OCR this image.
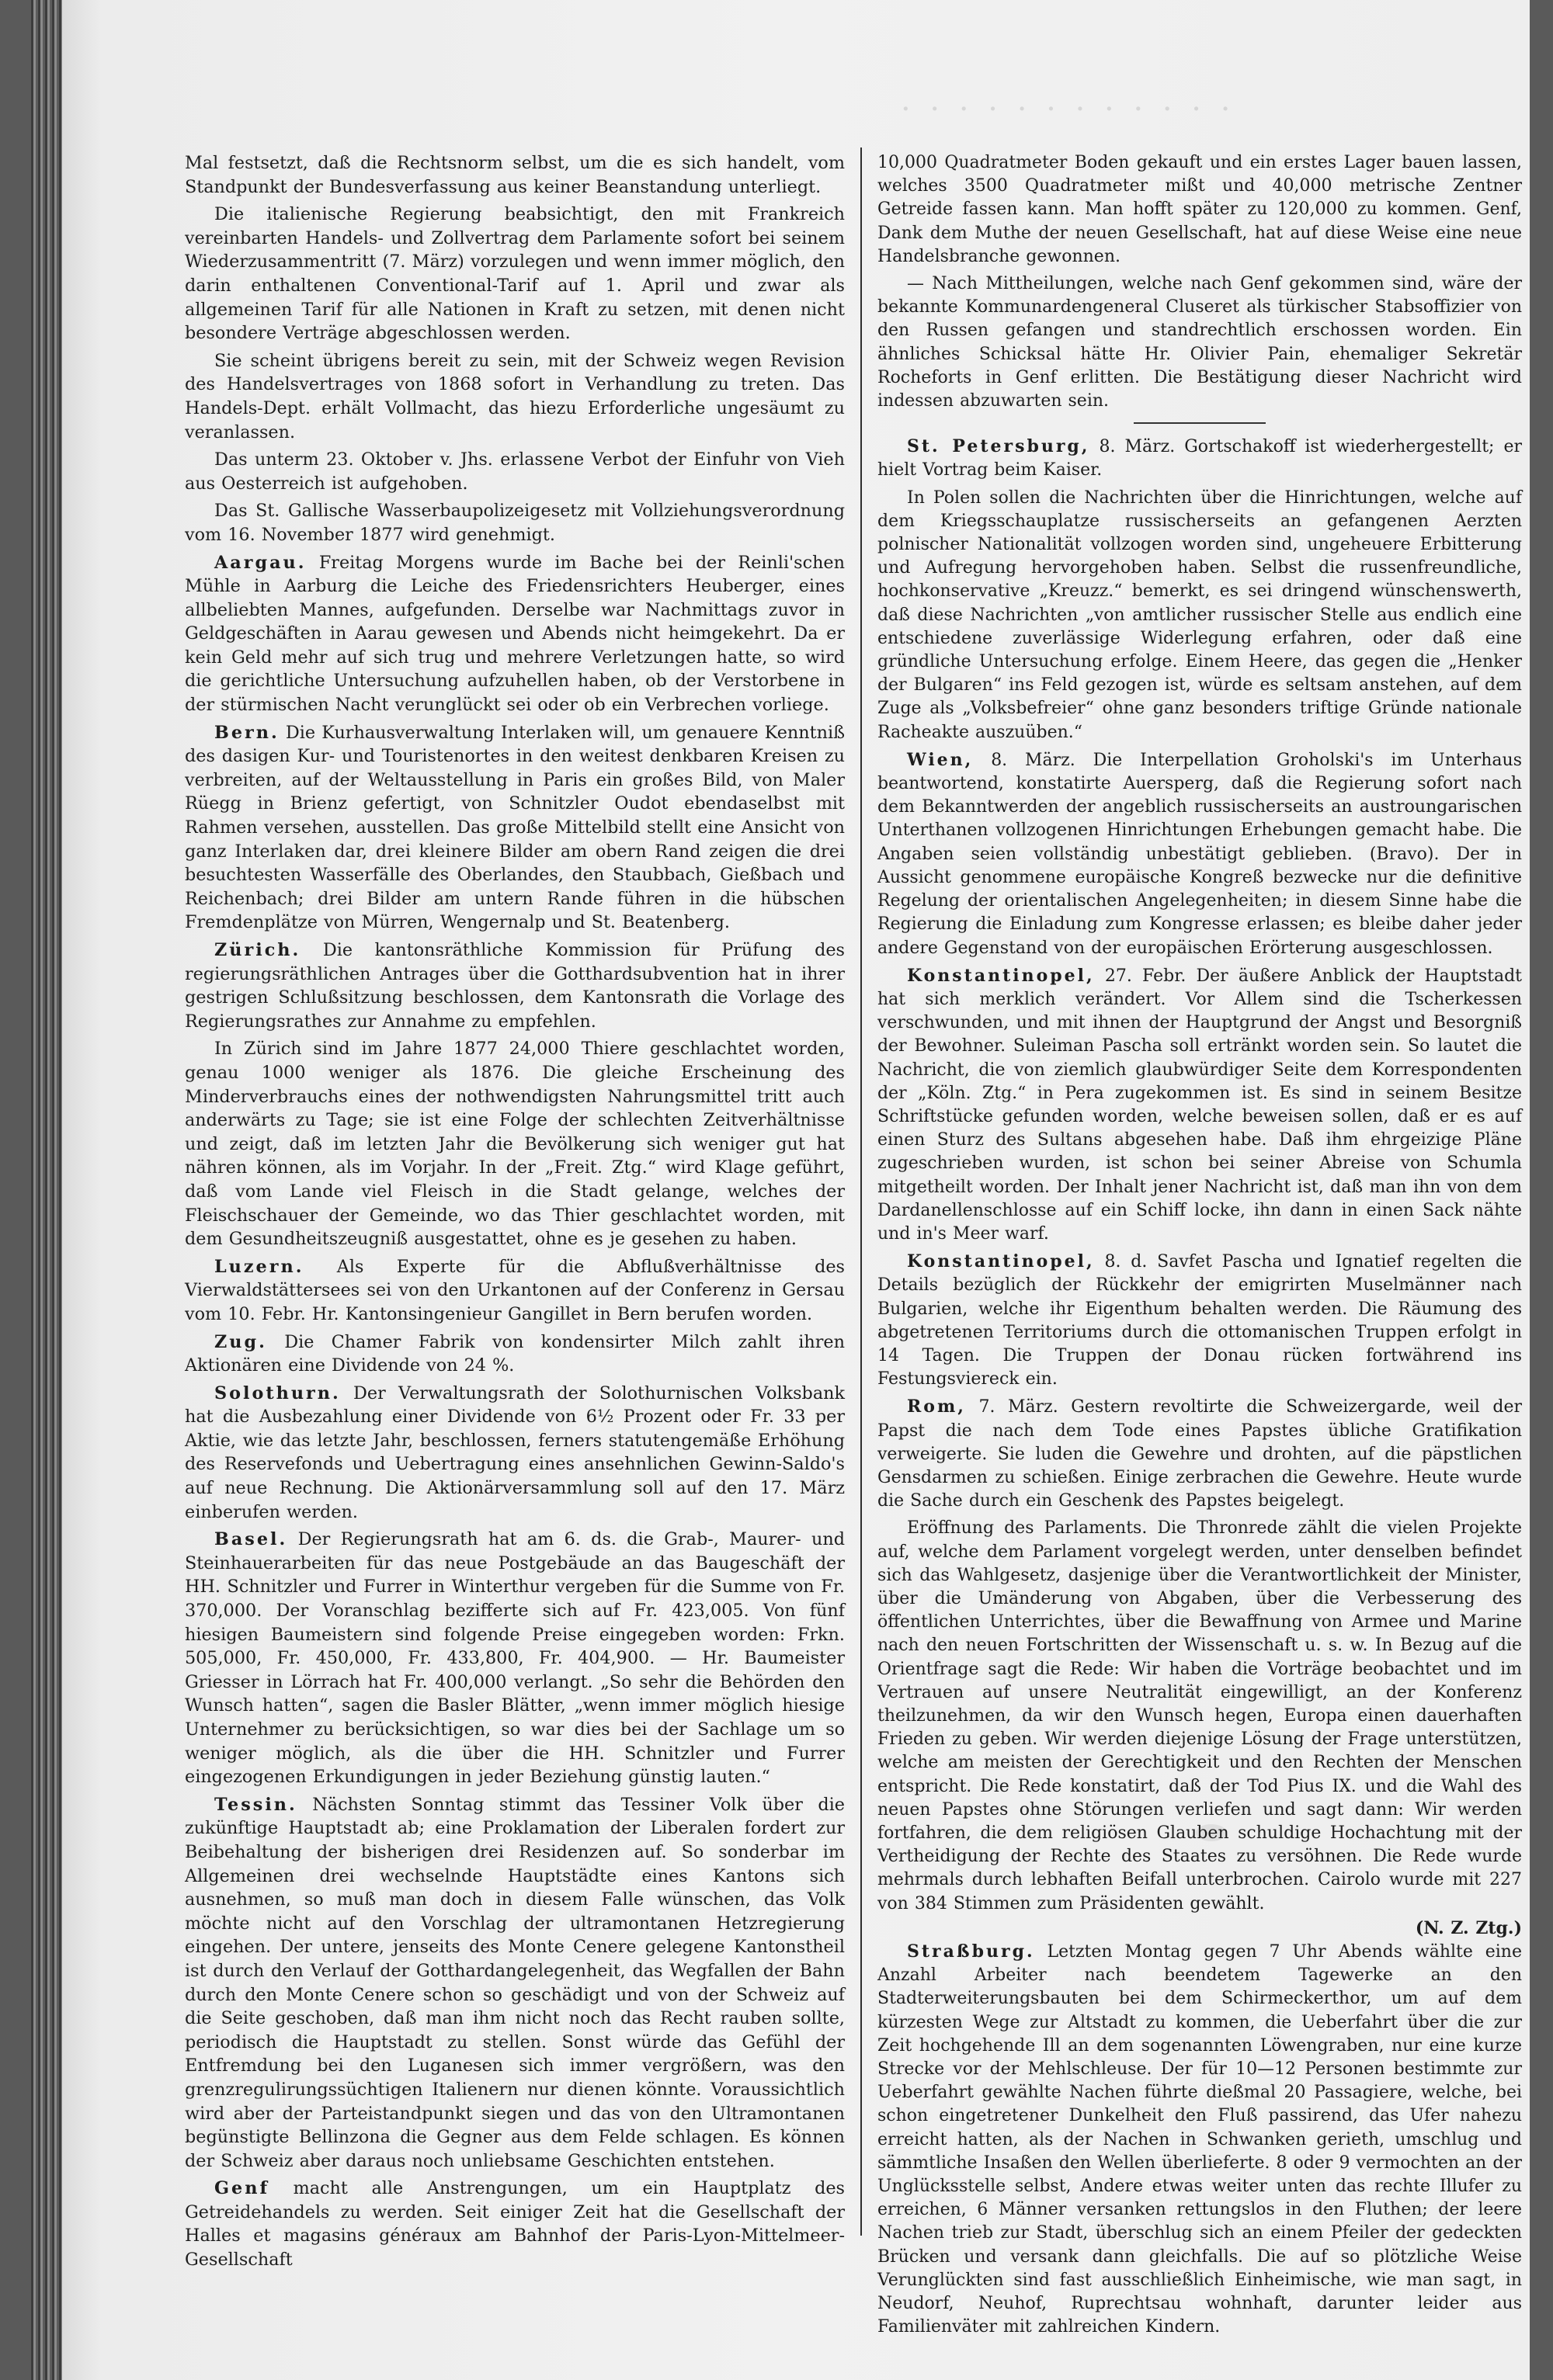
· · · · · · · · · · · ·

Mal festsetzt, daß die Rechtsnorm selbst, um die es sich handelt, vom Standpunkt der Bundesverfassung aus keiner Beanstandung unterliegt.

Die italienische Regierung beabsichtigt, den mit Frankreich vereinbarten Handels- und Zollvertrag dem Parlamente sofort bei seinem Wiederzusammentritt (7. März) vorzulegen und wenn immer möglich, den darin enthaltenen Conventional-Tarif auf 1. April und zwar als allgemeinen Tarif für alle Nationen in Kraft zu setzen, mit denen nicht besondere Verträge abgeschlossen werden.

Sie scheint übrigens bereit zu sein, mit der Schweiz wegen Revision des Handelsvertrages von 1868 sofort in Verhandlung zu treten. Das Handels-Dept. erhält Vollmacht, das hiezu Erforderliche ungesäumt zu veranlassen.

Das unterm 23. Oktober v. Jhs. erlassene Verbot der Einfuhr von Vieh aus Oesterreich ist aufgehoben.

Das St. Gallische Wasserbaupolizeigesetz mit Vollziehungsverordnung vom 16. November 1877 wird genehmigt.

Aargau. Freitag Morgens wurde im Bache bei der Reinli'schen Mühle in Aarburg die Leiche des Friedensrichters Heuberger, eines allbeliebten Mannes, aufgefunden. Derselbe war Nachmittags zuvor in Geldgeschäften in Aarau gewesen und Abends nicht heimgekehrt. Da er kein Geld mehr auf sich trug und mehrere Verletzungen hatte, so wird die gerichtliche Untersuchung aufzuhellen haben, ob der Verstorbene in der stürmischen Nacht verunglückt sei oder ob ein Verbrechen vorliege.

Bern. Die Kurhausverwaltung Interlaken will, um genauere Kenntniß des dasigen Kur- und Touristenortes in den weitest denkbaren Kreisen zu verbreiten, auf der Weltausstellung in Paris ein großes Bild, von Maler Rüegg in Brienz gefertigt, von Schnitzler Oudot ebendaselbst mit Rahmen versehen, ausstellen. Das große Mittelbild stellt eine Ansicht von ganz Interlaken dar, drei kleinere Bilder am obern Rand zeigen die drei besuchtesten Wasserfälle des Oberlandes, den Staubbach, Gießbach und Reichenbach; drei Bilder am untern Rande führen in die hübschen Fremdenplätze von Mürren, Wengernalp und St. Beatenberg.

Zürich. Die kantonsräthliche Kommission für Prüfung des regierungsräthlichen Antrages über die Gotthardsubvention hat in ihrer gestrigen Schlußsitzung beschlossen, dem Kantonsrath die Vorlage des Regierungsrathes zur Annahme zu empfehlen.

In Zürich sind im Jahre 1877 24,000 Thiere geschlachtet worden, genau 1000 weniger als 1876. Die gleiche Erscheinung des Minderverbrauchs eines der nothwendigsten Nahrungsmittel tritt auch anderwärts zu Tage; sie ist eine Folge der schlechten Zeitverhältnisse und zeigt, daß im letzten Jahr die Bevölkerung sich weniger gut hat nähren können, als im Vorjahr. In der „Freit. Ztg.“ wird Klage geführt, daß vom Lande viel Fleisch in die Stadt gelange, welches der Fleischschauer der Gemeinde, wo das Thier geschlachtet worden, mit dem Gesundheitszeugniß ausgestattet, ohne es je gesehen zu haben.

Luzern. Als Experte für die Abflußverhältnisse des Vierwaldstättersees sei von den Urkantonen auf der Conferenz in Gersau vom 10. Febr. Hr. Kantonsingenieur Gangillet in Bern berufen worden.

Zug. Die Chamer Fabrik von kondensirter Milch zahlt ihren Aktionären eine Dividende von 24 %.

Solothurn. Der Verwaltungsrath der Solothurnischen Volksbank hat die Ausbezahlung einer Dividende von 6½ Prozent oder Fr. 33 per Aktie, wie das letzte Jahr, beschlossen, ferners statutengemäße Erhöhung des Reservefonds und Uebertragung eines ansehnlichen Gewinn-Saldo's auf neue Rechnung. Die Aktionärversammlung soll auf den 17. März einberufen werden.

Basel. Der Regierungsrath hat am 6. ds. die Grab-, Maurer- und Steinhauerarbeiten für das neue Postgebäude an das Baugeschäft der HH. Schnitzler und Furrer in Winterthur vergeben für die Summe von Fr. 370,000. Der Voranschlag bezifferte sich auf Fr. 423,005. Von fünf hiesigen Baumeistern sind folgende Preise eingegeben worden: Frkn. 505,000, Fr. 450,000, Fr. 433,800, Fr. 404,900. — Hr. Baumeister Griesser in Lörrach hat Fr. 400,000 verlangt. „So sehr die Behörden den Wunsch hatten“, sagen die Basler Blätter, „wenn immer möglich hiesige Unternehmer zu berücksichtigen, so war dies bei der Sachlage um so weniger möglich, als die über die HH. Schnitzler und Furrer eingezogenen Erkundigungen in jeder Beziehung günstig lauten.“

Tessin. Nächsten Sonntag stimmt das Tessiner Volk über die zukünftige Hauptstadt ab; eine Proklamation der Liberalen fordert zur Beibehaltung der bisherigen drei Residenzen auf. So sonderbar im Allgemeinen drei wechselnde Hauptstädte eines Kantons sich ausnehmen, so muß man doch in diesem Falle wünschen, das Volk möchte nicht auf den Vorschlag der ultramontanen Hetzregierung eingehen. Der untere, jenseits des Monte Cenere gelegene Kantonstheil ist durch den Verlauf der Gotthardangelegenheit, das Wegfallen der Bahn durch den Monte Cenere schon so geschädigt und von der Schweiz auf die Seite geschoben, daß man ihm nicht noch das Recht rauben sollte, periodisch die Hauptstadt zu stellen. Sonst würde das Gefühl der Entfremdung bei den Luganesen sich immer vergrößern, was den grenzregulirungssüchtigen Italienern nur dienen könnte. Voraussichtlich wird aber der Parteistandpunkt siegen und das von den Ultramontanen begünstigte Bellinzona die Gegner aus dem Felde schlagen. Es können der Schweiz aber daraus noch unliebsame Geschichten entstehen.

Genf macht alle Anstrengungen, um ein Hauptplatz des Getreidehandels zu werden. Seit einiger Zeit hat die Gesellschaft der Halles et magasins généraux am Bahnhof der Paris-Lyon-Mittelmeer-Gesellschaft

10,000 Quadratmeter Boden gekauft und ein erstes Lager bauen lassen, welches 3500 Quadratmeter mißt und 40,000 metrische Zentner Getreide fassen kann. Man hofft später zu 120,000 zu kommen. Genf, Dank dem Muthe der neuen Gesellschaft, hat auf diese Weise eine neue Handelsbranche gewonnen.

— Nach Mittheilungen, welche nach Genf gekommen sind, wäre der bekannte Kommunardengeneral Cluseret als türkischer Stabsoffizier von den Russen gefangen und standrechtlich erschossen worden. Ein ähnliches Schicksal hätte Hr. Olivier Pain, ehemaliger Sekretär Rocheforts in Genf erlitten. Die Bestätigung dieser Nachricht wird indessen abzuwarten sein.

St. Petersburg, 8. März. Gortschakoff ist wiederhergestellt; er hielt Vortrag beim Kaiser.

In Polen sollen die Nachrichten über die Hinrichtungen, welche auf dem Kriegsschauplatze russischerseits an gefangenen Aerzten polnischer Nationalität vollzogen worden sind, ungeheuere Erbitterung und Aufregung hervorgehoben haben. Selbst die russenfreundliche, hochkonservative „Kreuzz.“ bemerkt, es sei dringend wünschenswerth, daß diese Nachrichten „von amtlicher russischer Stelle aus endlich eine entschiedene zuverlässige Widerlegung erfahren, oder daß eine gründliche Untersuchung erfolge. Einem Heere, das gegen die „Henker der Bulgaren“ ins Feld gezogen ist, würde es seltsam anstehen, auf dem Zuge als „Volksbefreier“ ohne ganz besonders triftige Gründe nationale Racheakte auszuüben.“

Wien, 8. März. Die Interpellation Groholski's im Unterhaus beantwortend, konstatirte Auersperg, daß die Regierung sofort nach dem Bekanntwerden der angeblich russischerseits an austroungarischen Unterthanen vollzogenen Hinrichtungen Erhebungen gemacht habe. Die Angaben seien vollständig unbestätigt geblieben. (Bravo). Der in Aussicht genommene europäische Kongreß bezwecke nur die definitive Regelung der orientalischen Angelegenheiten; in diesem Sinne habe die Regierung die Einladung zum Kongresse erlassen; es bleibe daher jeder andere Gegenstand von der europäischen Erörterung ausgeschlossen.

Konstantinopel, 27. Febr. Der äußere Anblick der Hauptstadt hat sich merklich verändert. Vor Allem sind die Tscherkessen verschwunden, und mit ihnen der Hauptgrund der Angst und Besorgniß der Bewohner. Suleiman Pascha soll ertränkt worden sein. So lautet die Nachricht, die von ziemlich glaubwürdiger Seite dem Korrespondenten der „Köln. Ztg.“ in Pera zugekommen ist. Es sind in seinem Besitze Schriftstücke gefunden worden, welche beweisen sollen, daß er es auf einen Sturz des Sultans abgesehen habe. Daß ihm ehrgeizige Pläne zugeschrieben wurden, ist schon bei seiner Abreise von Schumla mitgetheilt worden. Der Inhalt jener Nachricht ist, daß man ihn von dem Dardanellenschlosse auf ein Schiff locke, ihn dann in einen Sack nähte und in's Meer warf.

Konstantinopel, 8. d. Savfet Pascha und Ignatief regelten die Details bezüglich der Rückkehr der emigrirten Muselmänner nach Bulgarien, welche ihr Eigenthum behalten werden. Die Räumung des abgetretenen Territoriums durch die ottomanischen Truppen erfolgt in 14 Tagen. Die Truppen der Donau rücken fortwährend ins Festungsviereck ein.

Rom, 7. März. Gestern revoltirte die Schweizergarde, weil der Papst die nach dem Tode eines Papstes übliche Gratifikation verweigerte. Sie luden die Gewehre und drohten, auf die päpstlichen Gensdarmen zu schießen. Einige zerbrachen die Gewehre. Heute wurde die Sache durch ein Geschenk des Papstes beigelegt.

Eröffnung des Parlaments. Die Thronrede zählt die vielen Projekte auf, welche dem Parlament vorgelegt werden, unter denselben befindet sich das Wahlgesetz, dasjenige über die Verantwortlichkeit der Minister, über die Umänderung von Abgaben, über die Verbesserung des öffentlichen Unterrichtes, über die Bewaffnung von Armee und Marine nach den neuen Fortschritten der Wissenschaft u. s. w. In Bezug auf die Orientfrage sagt die Rede: Wir haben die Vorträge beobachtet und im Vertrauen auf unsere Neutralität eingewilligt, an der Konferenz theilzunehmen, da wir den Wunsch hegen, Europa einen dauerhaften Frieden zu geben. Wir werden diejenige Lösung der Frage unterstützen, welche am meisten der Gerechtigkeit und den Rechten der Menschen entspricht. Die Rede konstatirt, daß der Tod Pius IX. und die Wahl des neuen Papstes ohne Störungen verliefen und sagt dann: Wir werden fortfahren, die dem religiösen Glauben schuldige Hochachtung mit der Vertheidigung der Rechte des Staates zu versöhnen. Die Rede wurde mehrmals durch lebhaften Beifall unterbrochen. Cairolo wurde mit 227 von 384 Stimmen zum Präsidenten gewählt.

(N. Z. Ztg.)

Straßburg. Letzten Montag gegen 7 Uhr Abends wählte eine Anzahl Arbeiter nach beendetem Tagewerke an den Stadterweiterungsbauten bei dem Schirmeckerthor, um auf dem kürzesten Wege zur Altstadt zu kommen, die Ueberfahrt über die zur Zeit hochgehende Ill an dem sogenannten Löwengraben, nur eine kurze Strecke vor der Mehlschleuse. Der für 10—12 Personen bestimmte zur Ueberfahrt gewählte Nachen führte dießmal 20 Passagiere, welche, bei schon eingetretener Dunkelheit den Fluß passirend, das Ufer nahezu erreicht hatten, als der Nachen in Schwanken gerieth, umschlug und sämmtliche Insaßen den Wellen überlieferte. 8 oder 9 vermochten an der Unglücksstelle selbst, Andere etwas weiter unten das rechte Illufer zu erreichen, 6 Männer versanken rettungslos in den Fluthen; der leere Nachen trieb zur Stadt, überschlug sich an einem Pfeiler der gedeckten Brücken und versank dann gleichfalls. Die auf so plötzliche Weise Verunglückten sind fast ausschließlich Einheimische, wie man sagt, in Neudorf, Neuhof, Ruprechtsau wohnhaft, darunter leider aus Familienväter mit zahlreichen Kindern.
